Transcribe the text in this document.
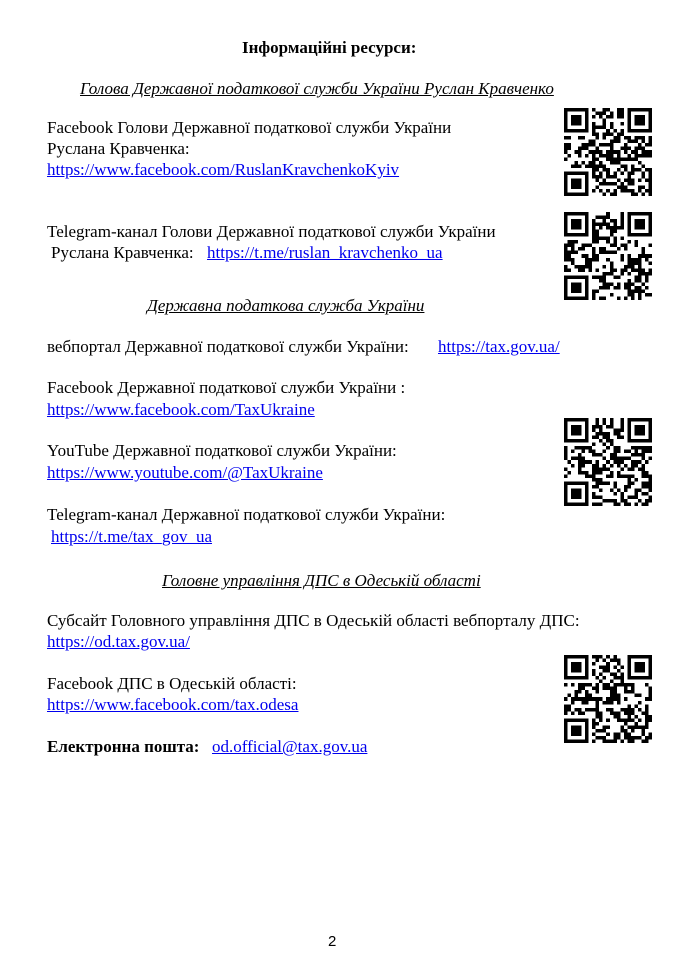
Інформаційні ресурси:
Голова Державної податкової служби України Руслан Кравченко
Facebook Голови Державної податкової служби України
Руслана Кравченка:
https://www.facebook.com/RuslanKravchenkoKyiv
Telegram-канал Голови Державної податкової служби України
Руслана Кравченка: https://t.me/ruslan_kravchenko_ua
Державна податкова служба України
вебпортал Державної податкової служби України: https://tax.gov.ua/
Facebook Державної податкової служби України :
https://www.facebook.com/TaxUkraine
YouTube Державної податкової служби України:
https://www.youtube.com/@TaxUkraine
Telegram-канал Державної податкової служби України:
https://t.me/tax_gov_ua
Головне управління ДПС в Одеській області
Субсайт Головного управління ДПС в Одеській області вебпорталу ДПС:
https://od.tax.gov.ua/
Facebook ДПС в Одеській області:
https://www.facebook.com/tax.odesa
Електронна пошта: od.official@tax.gov.ua
2
